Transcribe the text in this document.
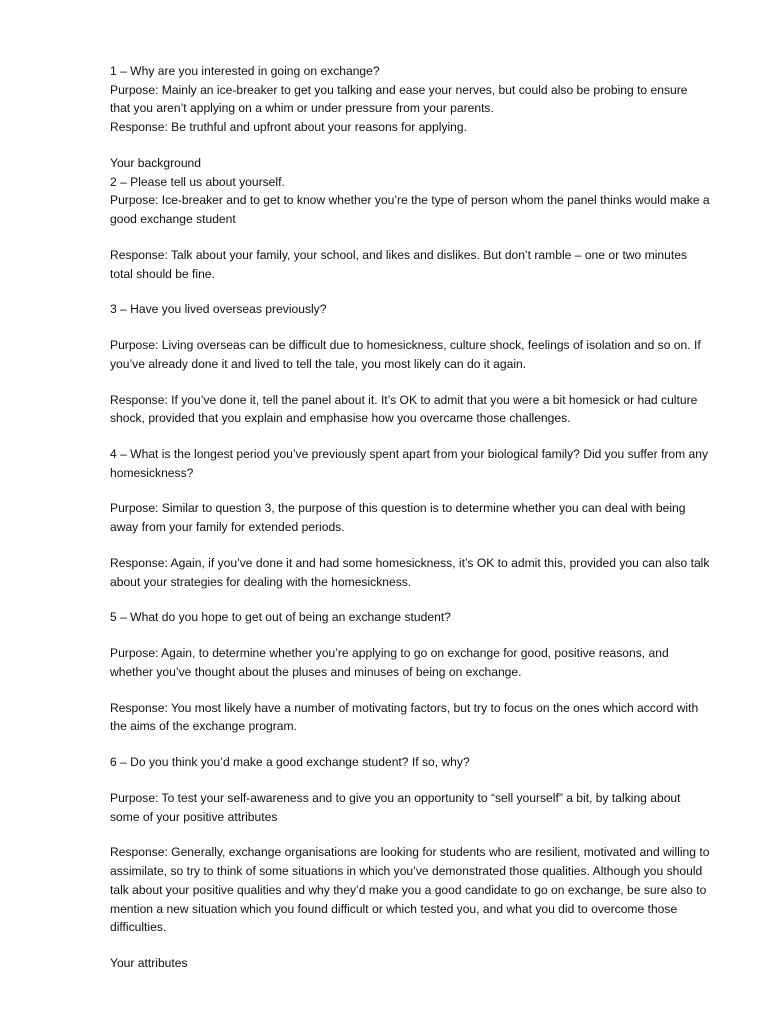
1 – Why are you interested in going on exchange?

Purpose: Mainly an ice-breaker to get you talking and ease your nerves, but could also be probing to ensure that you aren’t applying on a whim or under pressure from your parents.

Response: Be truthful and upfront about your reasons for applying.

Your background

2 – Please tell us about yourself.

Purpose: Ice-breaker and to get to know whether you’re the type of person whom the panel thinks would make a good exchange student

Response: Talk about your family, your school, and likes and dislikes. But don’t ramble – one or two minutes total should be fine.

3 – Have you lived overseas previously?

Purpose: Living overseas can be difficult due to homesickness, culture shock, feelings of isolation and so on. If you’ve already done it and lived to tell the tale, you most likely can do it again.

Response: If you’ve done it, tell the panel about it. It’s OK to admit that you were a bit homesick or had culture shock, provided that you explain and emphasise how you overcame those challenges.

4 – What is the longest period you’ve previously spent apart from your biological family? Did you suffer from any homesickness?

Purpose: Similar to question 3, the purpose of this question is to determine whether you can deal with being away from your family for extended periods.

Response: Again, if you’ve done it and had some homesickness, it’s OK to admit this, provided you can also talk about your strategies for dealing with the homesickness.

5 – What do you hope to get out of being an exchange student?

Purpose: Again, to determine whether you’re applying to go on exchange for good, positive reasons, and whether you’ve thought about the pluses and minuses of being on exchange.

Response: You most likely have a number of motivating factors, but try to focus on the ones which accord with the aims of the exchange program.

6 – Do you think you’d make a good exchange student? If so, why?

Purpose: To test your self-awareness and to give you an opportunity to “sell yourself” a bit, by talking about some of your positive attributes

Response: Generally, exchange organisations are looking for students who are resilient, motivated and willing to assimilate, so try to think of some situations in which you’ve demonstrated those qualities. Although you should talk about your positive qualities and why they’d make you a good candidate to go on exchange, be sure also to mention a new situation which you found difficult or which tested you, and what you did to overcome those difficulties.

Your attributes
